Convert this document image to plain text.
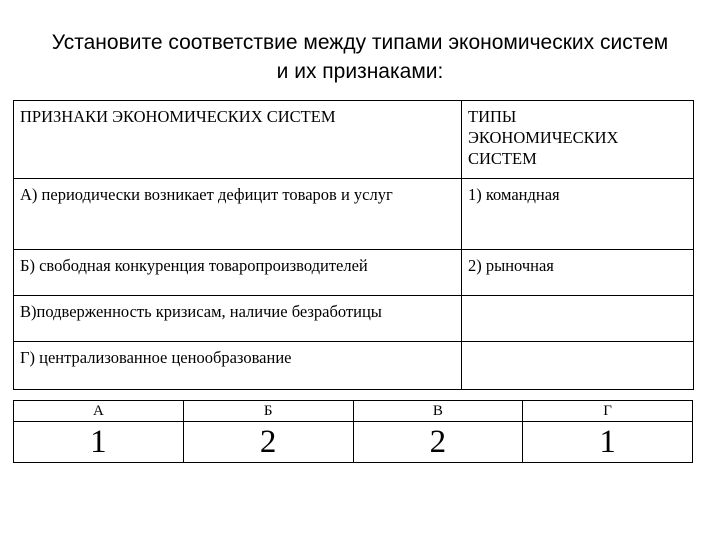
Установите соответствие между типами экономических систем
и их признаками:
ПРИЗНАКИ ЭКОНОМИЧЕСКИХ СИСТЕМ	ТИПЫ
ЭКОНОМИЧЕСКИХ
СИСТЕМ

А) периодически возникает дефицит товаров и услуг	1) командная
Б) свободная конкуренция товаропроизводителей	2) рыночная
В)подверженность кризисам, наличие безработицы	
Г) централизованное ценообразование	
А	Б	В	Г
1	2	2	1
